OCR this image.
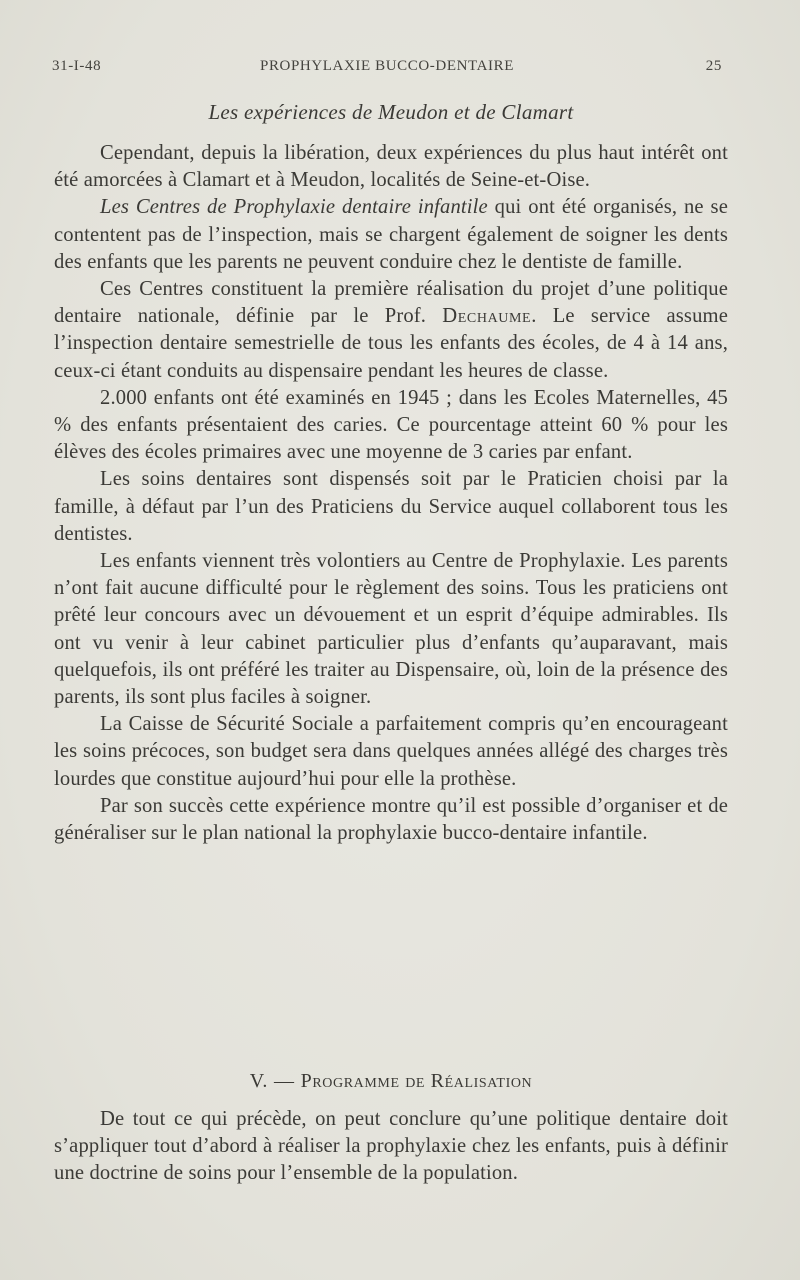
31-I-48	PROPHYLAXIE BUCCO-DENTAIRE	25
Les expériences de Meudon et de Clamart

Cependant, depuis la libération, deux expériences du plus haut intérêt ont été amorcées à Clamart et à Meudon, localités de Seine-et-Oise.

Les Centres de Prophylaxie dentaire infantile qui ont été organisés, ne se contentent pas de l’inspection, mais se chargent également de soigner les dents des enfants que les parents ne peuvent conduire chez le dentiste de famille.

Ces Centres constituent la première réalisation du projet d’une politique dentaire nationale, définie par le Prof. Dechaume. Le service assume l’inspection dentaire semestrielle de tous les enfants des écoles, de 4 à 14 ans, ceux-ci étant conduits au dispensaire pendant les heures de classe.

2.000 enfants ont été examinés en 1945 ; dans les Ecoles Maternelles, 45 % des enfants présentaient des caries. Ce pourcentage atteint 60 % pour les élèves des écoles primaires avec une moyenne de 3 caries par enfant.

Les soins dentaires sont dispensés soit par le Praticien choisi par la famille, à défaut par l’un des Praticiens du Service auquel collaborent tous les dentistes.

Les enfants viennent très volontiers au Centre de Prophylaxie. Les parents n’ont fait aucune difficulté pour le règlement des soins. Tous les praticiens ont prêté leur concours avec un dévouement et un esprit d’équipe admirables. Ils ont vu venir à leur cabinet particulier plus d’enfants qu’auparavant, mais quelquefois, ils ont préféré les traiter au Dispensaire, où, loin de la présence des parents, ils sont plus faciles à soigner.

La Caisse de Sécurité Sociale a parfaitement compris qu’en encourageant les soins précoces, son budget sera dans quelques années allégé des charges très lourdes que constitue aujourd’hui pour elle la prothèse.

Par son succès cette expérience montre qu’il est possible d’organiser et de généraliser sur le plan national la prophylaxie bucco-dentaire infantile.

V. — Programme de Réalisation

De tout ce qui précède, on peut conclure qu’une politique dentaire doit s’appliquer tout d’abord à réaliser la prophylaxie chez les enfants, puis à définir une doctrine de soins pour l’ensemble de la population.
